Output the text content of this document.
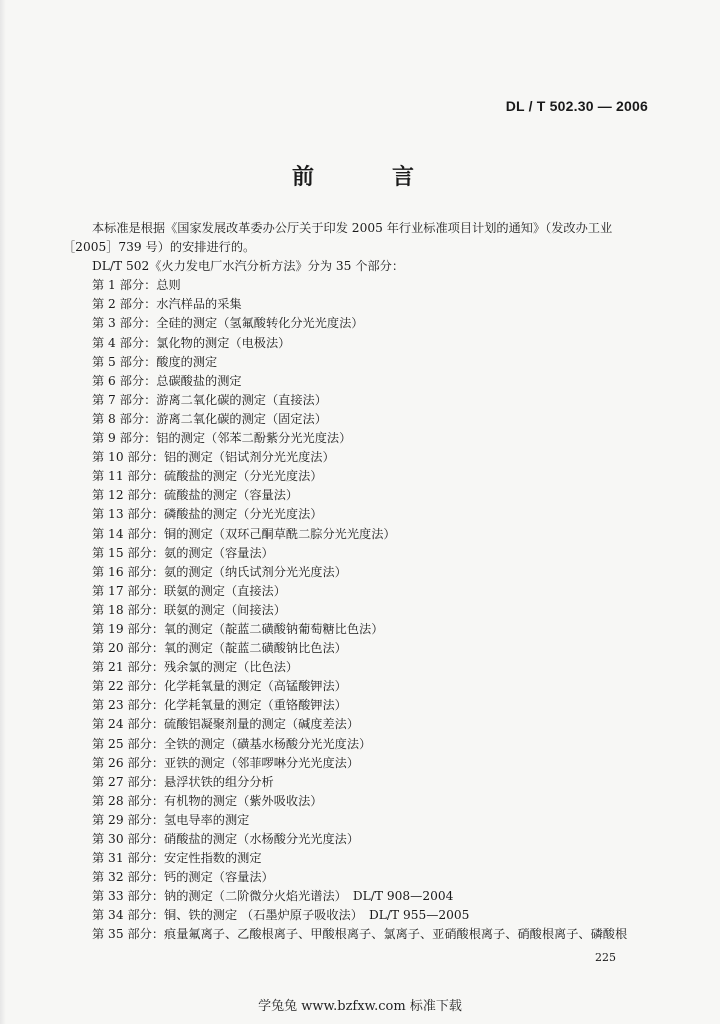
DL / T 502.30 — 2006
前　言

本标准是根据《国家发展改革委办公厅关于印发 2005 年行业标准项目计划的通知》（发改办工业

［2005］739 号）的安排进行的。

DL/T 502《火力发电厂水汽分析方法》分为 35 个部分：

第 1 部分：总则
第 2 部分：水汽样品的采集
第 3 部分：全硅的测定（氢氟酸转化分光光度法）
第 4 部分：氯化物的测定（电极法）
第 5 部分：酸度的测定
第 6 部分：总碳酸盐的测定
第 7 部分：游离二氧化碳的测定（直接法）
第 8 部分：游离二氧化碳的测定（固定法）
第 9 部分：铝的测定（邻苯二酚紫分光光度法）
第 10 部分：铝的测定（铝试剂分光光度法）
第 11 部分：硫酸盐的测定（分光光度法）
第 12 部分：硫酸盐的测定（容量法）
第 13 部分：磷酸盐的测定（分光光度法）
第 14 部分：铜的测定（双环己酮草酰二腙分光光度法）
第 15 部分：氨的测定（容量法）
第 16 部分：氨的测定（纳氏试剂分光光度法）
第 17 部分：联氨的测定（直接法）
第 18 部分：联氨的测定（间接法）
第 19 部分：氧的测定（靛蓝二磺酸钠葡萄糖比色法）
第 20 部分：氧的测定（靛蓝二磺酸钠比色法）
第 21 部分：残余氯的测定（比色法）
第 22 部分：化学耗氧量的测定（高锰酸钾法）
第 23 部分：化学耗氧量的测定（重铬酸钾法）
第 24 部分：硫酸铝凝聚剂量的测定（碱度差法）
第 25 部分：全铁的测定（磺基水杨酸分光光度法）
第 26 部分：亚铁的测定（邻菲啰啉分光光度法）
第 27 部分：悬浮状铁的组分分析
第 28 部分：有机物的测定（紫外吸收法）
第 29 部分：氢电导率的测定
第 30 部分：硝酸盐的测定（水杨酸分光光度法）
第 31 部分：安定性指数的测定
第 32 部分：钙的测定（容量法）
第 33 部分：钠的测定（二阶微分火焰光谱法）　DL/T 908—2004
第 34 部分：铜、铁的测定 （石墨炉原子吸收法）　DL/T 955—2005
第 35 部分：痕量氟离子、乙酸根离子、甲酸根离子、氯离子、亚硝酸根离子、硝酸根离子、磷酸根
225
学兔兔 www.bzfxw.com 标准下载
